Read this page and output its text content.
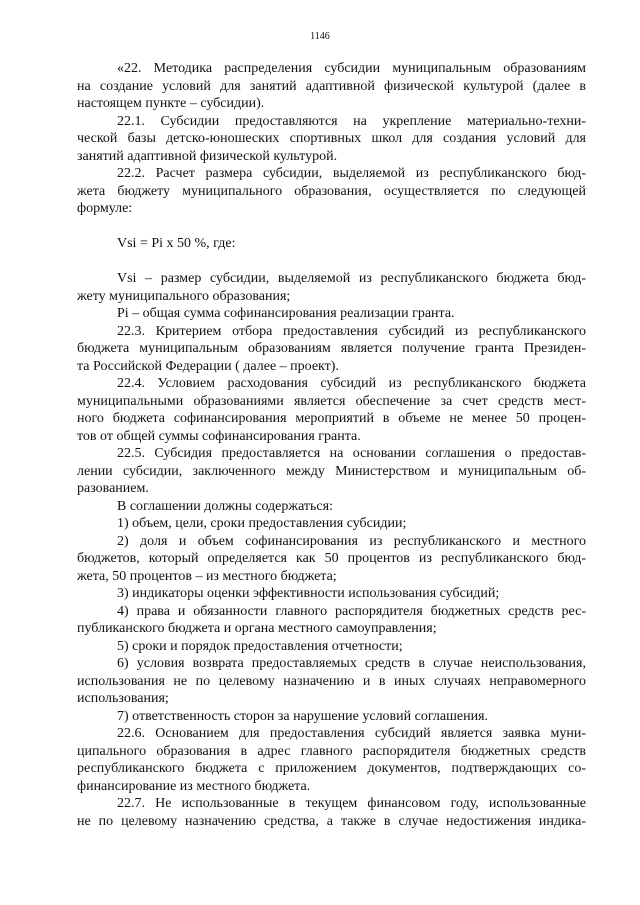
1146
«22. Методика распределения субсидии муниципальным образованиям
на создание условий для занятий адаптивной физической культурой (далее в
настоящем пункте – субсидии).
22.1. Субсидии предоставляются на укрепление материально-техни-
ческой базы детско-юношеских спортивных школ для создания условий для
занятий адаптивной физической культурой.
22.2. Расчет размера субсидии, выделяемой из республиканского бюд-
жета бюджету муниципального образования, осуществляется по следующей
формуле:
Vsi = Pi x 50 %, где:
Vsi – размер субсидии, выделяемой из республиканского бюджета бюд-
жету муниципального образования;
Pi – общая сумма софинансирования реализации гранта.
22.3. Критерием отбора предоставления субсидий из республиканского
бюджета муниципальным образованиям является получение гранта Президен-
та Российской Федерации ( далее – проект).
22.4. Условием расходования субсидий из республиканского бюджета
муниципальными образованиями является обеспечение за счет средств мест-
ного бюджета софинансирования мероприятий в объеме не менее 50 процен-
тов от общей суммы софинансирования гранта.
22.5. Субсидия предоставляется на основании соглашения о предостав-
лении субсидии, заключенного между Министерством и муниципальным об-
разованием.
В соглашении должны содержаться:
1) объем, цели, сроки предоставления субсидии;
2) доля и объем софинансирования из республиканского и местного
бюджетов, который определяется как 50 процентов из республиканского бюд-
жета, 50 процентов – из местного бюджета;
3) индикаторы оценки эффективности использования субсидий;
4) права и обязанности главного распорядителя бюджетных средств рес-
публиканского бюджета и органа местного самоуправления;
5) сроки и порядок предоставления отчетности;
6) условия возврата предоставляемых средств в случае неиспользования,
использования не по целевому назначению и в иных случаях неправомерного
использования;
7) ответственность сторон за нарушение условий соглашения.
22.6. Основанием для предоставления субсидий является заявка муни-
ципального образования в адрес главного распорядителя бюджетных средств
республиканского бюджета с приложением документов, подтверждающих со-
финансирование из местного бюджета.
22.7. Не использованные в текущем финансовом году, использованные
не по целевому назначению средства, а также в случае недостижения индика-
